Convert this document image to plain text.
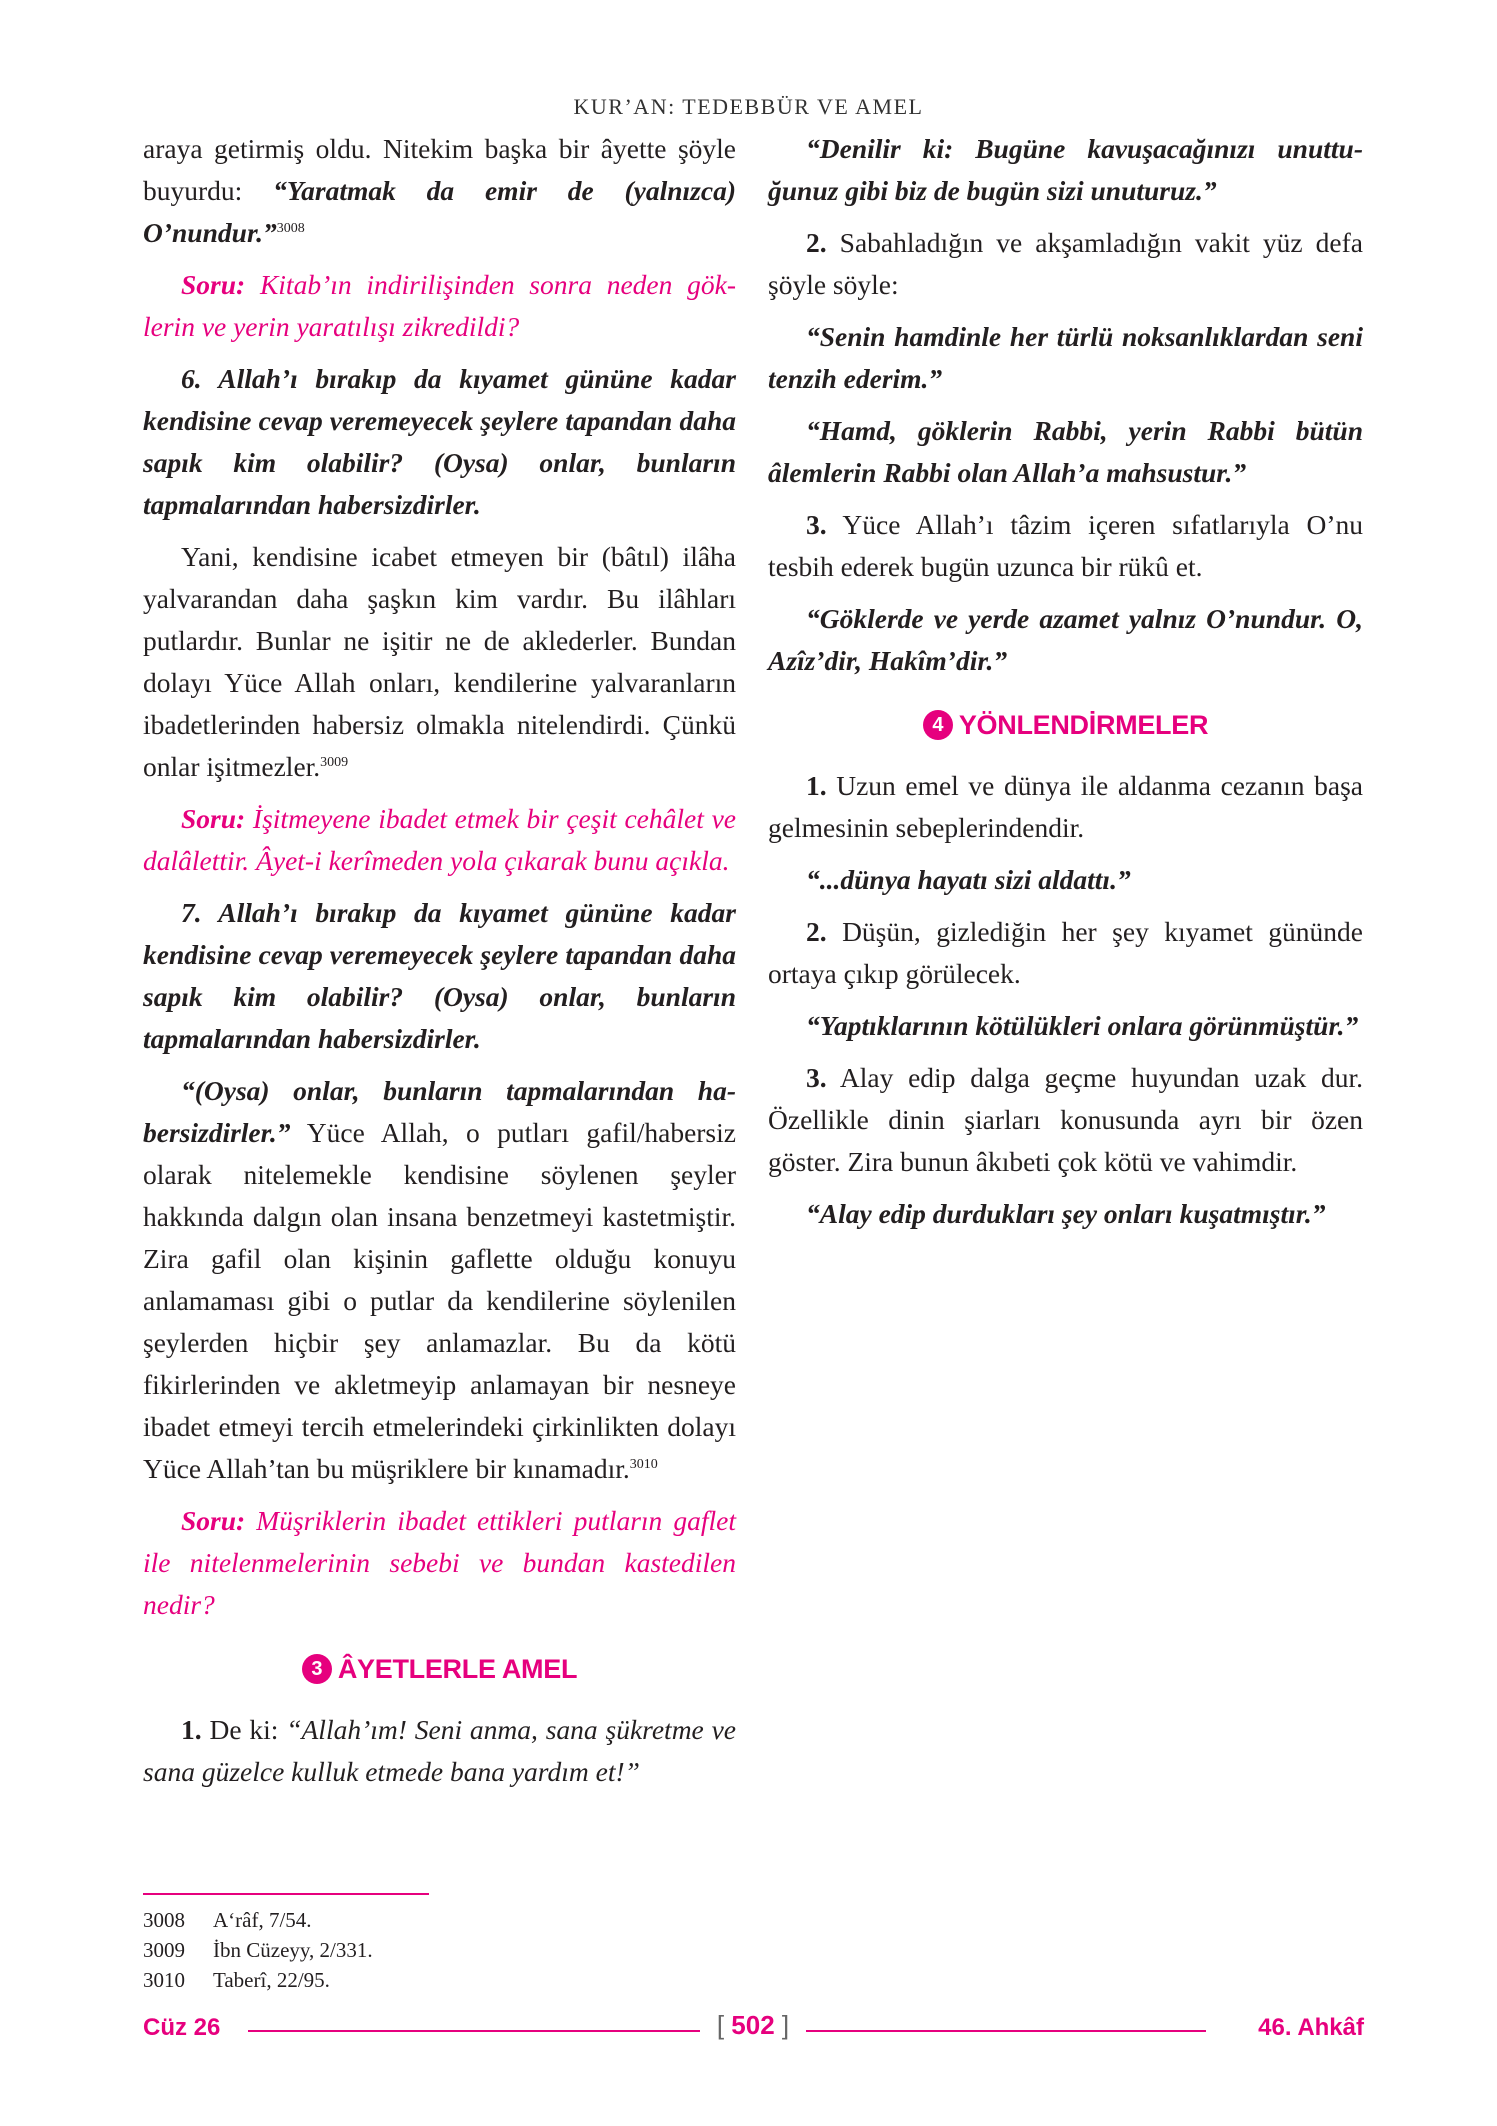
KUR’AN: TEDEBBÜR VE AMEL

araya getirmiş oldu. Nitekim başka bir âyette şöyle buyurdu: “Yaratmak da emir de (yalnızca) O’nundur.”$^{3008}$

Soru: Kitab’ın indirilişinden sonra neden göklerin ve yerin yaratılışı zikredildi?

6. Allah’ı bırakıp da kıyamet gününe kadar kendisine cevap veremeyecek şeylere tapandan daha sapık kim olabilir? (Oysa) onlar, bunların tapmalarından habersizdirler.

Yani, kendisine icabet etmeyen bir (bâtıl) ilâha yalvarandan daha şaşkın kim vardır. Bu ilâhları putlardır. Bunlar ne işitir ne de aklederler. Bundan dolayı Yüce Allah onları, kendilerine yalvaranların ibadetlerinden habersiz olmakla nitelendirdi. Çünkü onlar işitmezler.$^{3009}$

Soru: İşitmeyene ibadet etmek bir çeşit cehâlet ve dalâlettir. Âyet-i kerîmeden yola çıkarak bunu açıkla.

7. Allah’ı bırakıp da kıyamet gününe kadar kendisine cevap veremeyecek şeylere tapandan daha sapık kim olabilir? (Oysa) onlar, bunların tapmalarından habersizdirler.

“(Oysa) onlar, bunların tapmalarından habersizdirler.” Yüce Allah, o putları gafil/habersiz olarak nitelemekle kendisine söylenen şeyler hakkında dalgın olan insana benzetmeyi kastetmiştir. Zira gafil olan kişinin gaflette olduğu konuyu anlamaması gibi o putlar da kendilerine söylenilen şeylerden hiçbir şey anlamazlar. Bu da kötü fikirlerinden ve akletmeyip anlamayan bir nesneye ibadet etmeyi tercih etmelerindeki çirkinlikten dolayı Yüce Allah’tan bu müşriklere bir kınamadır.$^{3010}$

Soru: Müşriklerin ibadet ettikleri putların gaflet ile nitelenmelerinin sebebi ve bundan kastedilen nedir?

3 ÂYETLERLE AMEL

1. De ki: “Allah’ım! Seni anma, sana şükretme ve sana güzelce kulluk etmede bana yardım et!”

“Denilir ki: Bugüne kavuşacağınızı unuttuğunuz gibi biz de bugün sizi unuturuz.”

2. Sabahladığın ve akşamladığın vakit yüz defa şöyle söyle:

“Senin hamdinle her türlü noksanlıklardan seni tenzih ederim.”

“Hamd, göklerin Rabbi, yerin Rabbi bütün âlemlerin Rabbi olan Allah’a mahsustur.”

3. Yüce Allah’ı tâzim içeren sıfatlarıyla O’nu tesbih ederek bugün uzunca bir rükû et.

“Göklerde ve yerde azamet yalnız O’nundur. O, Azîz’dir, Hakîm’dir.”

4 YÖNLENDİRMELER

1. Uzun emel ve dünya ile aldanma cezanın başa gelmesinin sebeplerindendir.

“...dünya hayatı sizi aldattı.”

2. Düşün, gizlediğin her şey kıyamet gününde ortaya çıkıp görülecek.

“Yaptıklarının kötülükleri onlara görünmüştür.”

3. Alay edip dalga geçme huyundan uzak dur. Özellikle dinin şiarları konusunda ayrı bir özen göster. Zira bunun âkıbeti çok kötü ve vahimdir.

“Alay edip durdukları şey onları kuşatmıştır.”

3008 A‘râf, 7/54.
3009 İbn Cüzeyy, 2/331.
3010 Taberî, 22/95.
Cüz 26	[ 502 ]	46. Ahkâf
